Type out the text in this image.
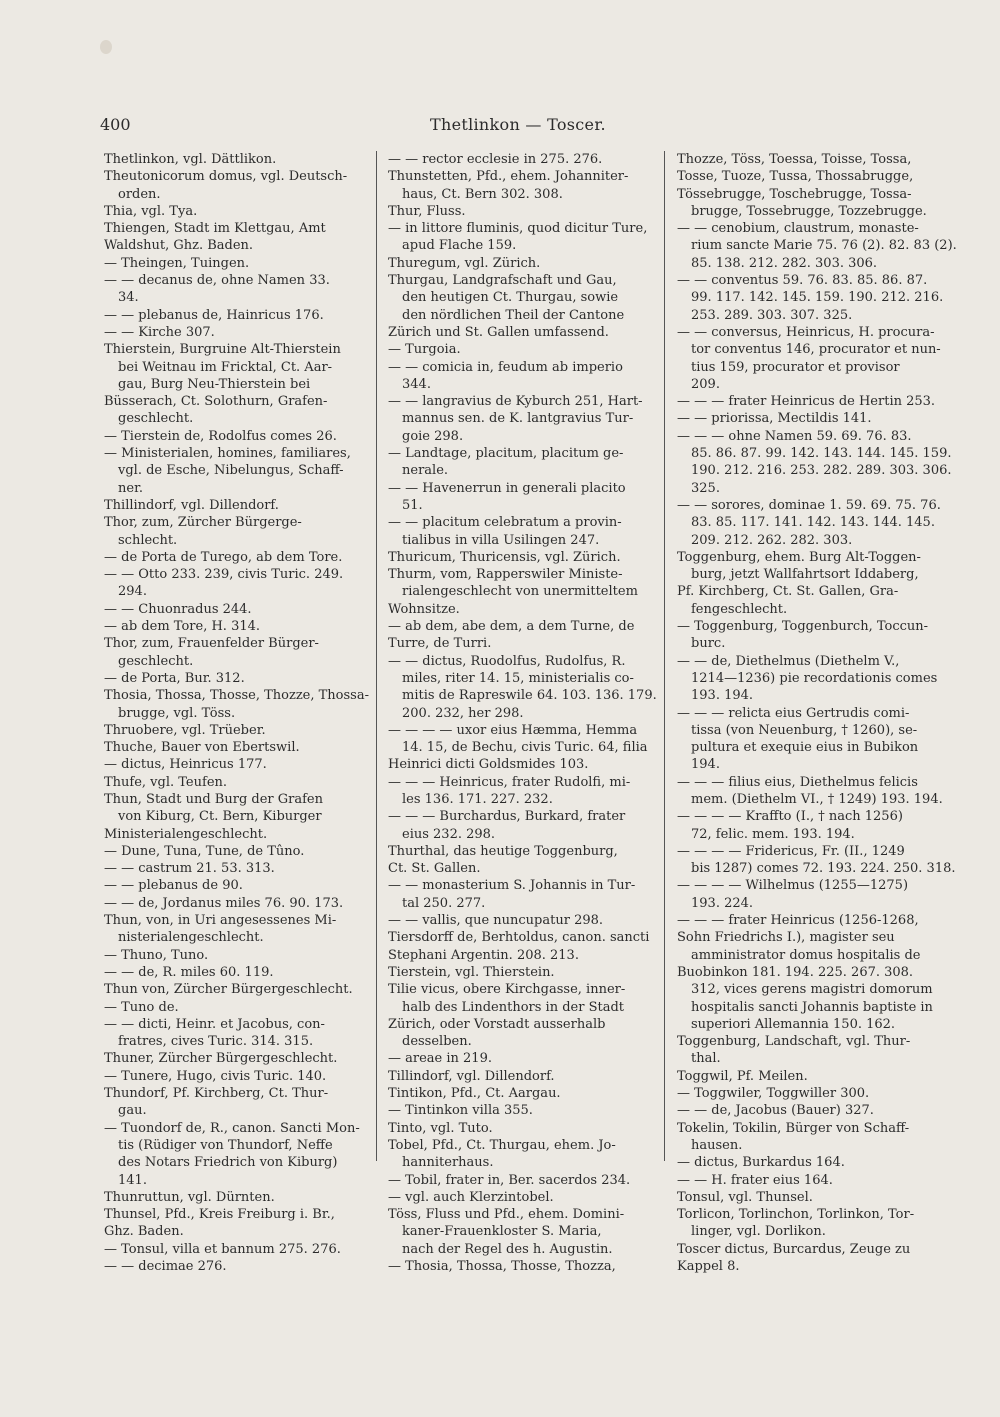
400	Thetlinkon — Toscer.
Thetlinkon, vgl. Dättlikon.
Theutonicorum domus, vgl. Deutsch-
orden.
Thia, vgl. Tya.
Thiengen, Stadt im Klettgau, Amt
Waldshut, Ghz. Baden.
— Theingen, Tuingen.
— — decanus de, ohne Namen 33.
34.
— — plebanus de, Hainricus 176.
— — Kirche 307.
Thierstein, Burgruine Alt-Thierstein
bei Weitnau im Fricktal, Ct. Aar-
gau, Burg Neu-Thierstein bei
Büsserach, Ct. Solothurn, Grafen-
geschlecht.
— Tierstein de, Rodolfus comes 26.
— Ministerialen, homines, familiares,
vgl. de Esche, Nibelungus, Schaff-
ner.
Thillindorf, vgl. Dillendorf.
Thor, zum, Zürcher Bürgerge-
schlecht.
— de Porta de Turego, ab dem Tore.
— — Otto 233. 239, civis Turic. 249.
294.
— — Chuonradus 244.
— ab dem Tore, H. 314.
Thor, zum, Frauenfelder Bürger-
geschlecht.
— de Porta, Bur. 312.
Thosia, Thossa, Thosse, Thozze, Thossa-
brugge, vgl. Töss.
Thruobere, vgl. Trüeber.
Thuche, Bauer von Ebertswil.
— dictus, Heinricus 177.
Thufe, vgl. Teufen.
Thun, Stadt und Burg der Grafen
von Kiburg, Ct. Bern, Kiburger
Ministerialengeschlecht.
— Dune, Tuna, Tune, de Tûno.
— — castrum 21. 53. 313.
— — plebanus de 90.
— — de, Jordanus miles 76. 90. 173.
Thun, von, in Uri angesessenes Mi-
nisterialengeschlecht.
— Thuno, Tuno.
— — de, R. miles 60. 119.
Thun von, Zürcher Bürgergeschlecht.
— Tuno de.
— — dicti, Heinr. et Jacobus, con-
fratres, cives Turic. 314. 315.
Thuner, Zürcher Bürgergeschlecht.
— Tunere, Hugo, civis Turic. 140.
Thundorf, Pf. Kirchberg, Ct. Thur-
gau.
— Tuondorf de, R., canon. Sancti Mon-
tis (Rüdiger von Thundorf, Neffe
des Notars Friedrich von Kiburg)
141.
Thunruttun, vgl. Dürnten.
Thunsel, Pfd., Kreis Freiburg i. Br.,
Ghz. Baden.
— Tonsul, villa et bannum 275. 276.
— — decimae 276.
— — rector ecclesie in 275. 276.
Thunstetten, Pfd., ehem. Johanniter-
haus, Ct. Bern 302. 308.
Thur, Fluss.
— in littore fluminis, quod dicitur Ture,
apud Flache 159.
Thuregum, vgl. Zürich.
Thurgau, Landgrafschaft und Gau,
den heutigen Ct. Thurgau, sowie
den nördlichen Theil der Cantone
Zürich und St. Gallen umfassend.
— Turgoia.
— — comicia in, feudum ab imperio
344.
— — langravius de Kyburch 251, Hart-
mannus sen. de K. lantgravius Tur-
goie 298.
— Landtage, placitum, placitum ge-
nerale.
— — Havenerrun in generali placito
51.
— — placitum celebratum a provin-
tialibus in villa Usilingen 247.
Thuricum, Thuricensis, vgl. Zürich.
Thurm, vom, Rapperswiler Ministe-
rialengeschlecht von unermitteltem
Wohnsitze.
— ab dem, abe dem, a dem Turne, de
Turre, de Turri.
— — dictus, Ruodolfus, Rudolfus, R.
miles, riter 14. 15, ministerialis co-
mitis de Rapreswile 64. 103. 136. 179.
200. 232, her 298.
— — — — uxor eius Hæmma, Hemma
14. 15, de Bechu, civis Turic. 64, filia
Heinrici dicti Goldsmides 103.
— — — Heinricus, frater Rudolfi, mi-
les 136. 171. 227. 232.
— — — Burchardus, Burkard, frater
eius 232. 298.
Thurthal, das heutige Toggenburg,
Ct. St. Gallen.
— — monasterium S. Johannis in Tur-
tal 250. 277.
— — vallis, que nuncupatur 298.
Tiersdorff de, Berhtoldus, canon. sancti
Stephani Argentin. 208. 213.
Tierstein, vgl. Thierstein.
Tilie vicus, obere Kirchgasse, inner-
halb des Lindenthors in der Stadt
Zürich, oder Vorstadt ausserhalb
desselben.
— areae in 219.
Tillindorf, vgl. Dillendorf.
Tintikon, Pfd., Ct. Aargau.
— Tintinkon villa 355.
Tinto, vgl. Tuto.
Tobel, Pfd., Ct. Thurgau, ehem. Jo-
hanniterhaus.
— Tobil, frater in, Ber. sacerdos 234.
— vgl. auch Klerzintobel.
Töss, Fluss und Pfd., ehem. Domini-
kaner-Frauenkloster S. Maria,
nach der Regel des h. Augustin.
— Thosia, Thossa, Thosse, Thozza,
Thozze, Töss, Toessa, Toisse, Tossa,
Tosse, Tuoze, Tussa, Thossabrugge,
Tössebrugge, Toschebrugge, Tossa-
brugge, Tossebrugge, Tozzebrugge.
— — cenobium, claustrum, monaste-
rium sancte Marie 75. 76 (2). 82. 83 (2).
85. 138. 212. 282. 303. 306.
— — conventus 59. 76. 83. 85. 86. 87.
99. 117. 142. 145. 159. 190. 212. 216.
253. 289. 303. 307. 325.
— — conversus, Heinricus, H. procura-
tor conventus 146, procurator et nun-
tius 159, procurator et provisor
209.
— — — frater Heinricus de Hertin 253.
— — priorissa, Mectildis 141.
— — — ohne Namen 59. 69. 76. 83.
85. 86. 87. 99. 142. 143. 144. 145. 159.
190. 212. 216. 253. 282. 289. 303. 306.
325.
— — sorores, dominae 1. 59. 69. 75. 76.
83. 85. 117. 141. 142. 143. 144. 145.
209. 212. 262. 282. 303.
Toggenburg, ehem. Burg Alt-Toggen-
burg, jetzt Wallfahrtsort Iddaberg,
Pf. Kirchberg, Ct. St. Gallen, Gra-
fengeschlecht.
— Toggenburg, Toggenburch, Toccun-
burc.
— — de, Diethelmus (Diethelm V.,
1214—1236) pie recordationis comes
193. 194.
— — — relicta eius Gertrudis comi-
tissa (von Neuenburg, † 1260), se-
pultura et exequie eius in Bubikon
194.
— — — filius eius, Diethelmus felicis
mem. (Diethelm VI., † 1249) 193. 194.
— — — — Kraffto (I., † nach 1256)
72, felic. mem. 193. 194.
— — — — Fridericus, Fr. (II., 1249
bis 1287) comes 72. 193. 224. 250. 318.
— — — — Wilhelmus (1255—1275)
193. 224.
— — — frater Heinricus (1256-1268,
Sohn Friedrichs I.), magister seu
amministrator domus hospitalis de
Buobinkon 181. 194. 225. 267. 308.
312, vices gerens magistri domorum
hospitalis sancti Johannis baptiste in
superiori Allemannia 150. 162.
Toggenburg, Landschaft, vgl. Thur-
thal.
Toggwil, Pf. Meilen.
— Toggwiler, Toggwiller 300.
— — de, Jacobus (Bauer) 327.
Tokelin, Tokilin, Bürger von Schaff-
hausen.
— dictus, Burkardus 164.
— — H. frater eius 164.
Tonsul, vgl. Thunsel.
Torlicon, Torlinchon, Torlinkon, Tor-
linger, vgl. Dorlikon.
Toscer dictus, Burcardus, Zeuge zu
Kappel 8.
